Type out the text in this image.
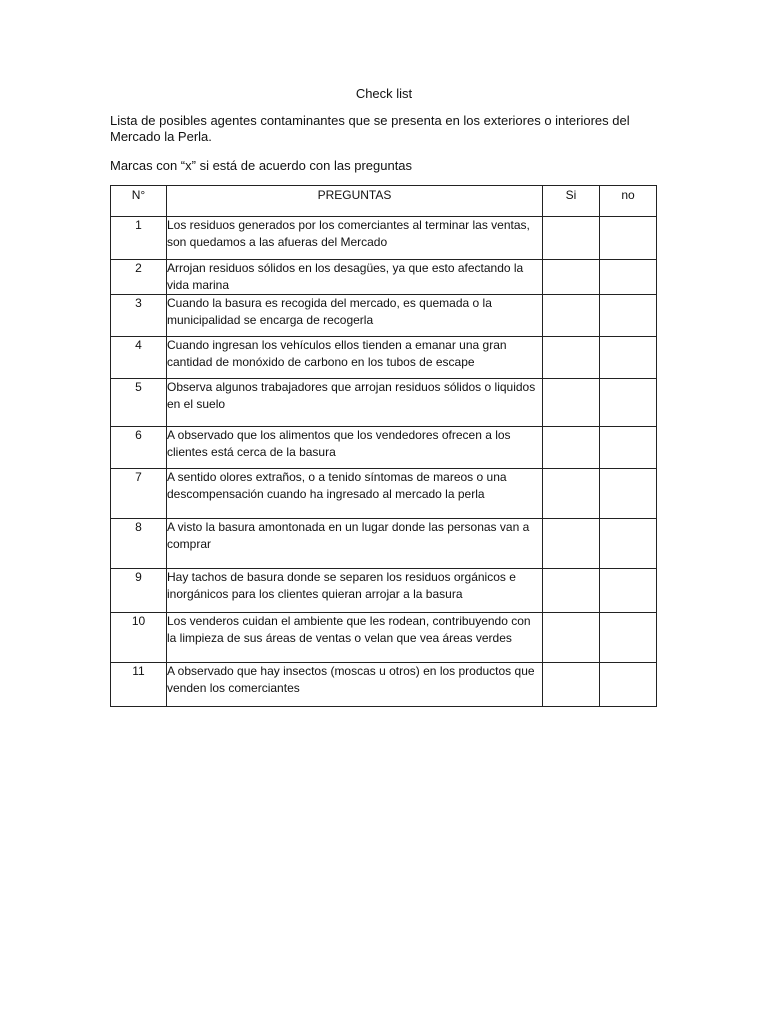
Check list
Lista de posibles agentes contaminantes que se presenta en los exteriores o interiores del Mercado la Perla.
Marcas con “x” si está de acuerdo con las preguntas
N°	PREGUNTAS	Si	no
1	Los residuos generados por los comerciantes al terminar las ventas, son quedamos a las afueras del Mercado		
2	Arrojan residuos sólidos en los desagües, ya que esto afectando la vida marina		
3	Cuando la basura es recogida del mercado, es quemada o la municipalidad se encarga de recogerla		
4	Cuando ingresan los vehículos ellos tienden a emanar una gran cantidad de monóxido de carbono en los tubos de escape		
5	Observa algunos trabajadores que arrojan residuos sólidos o liquidos en el suelo		
6	A observado que los alimentos que los vendedores ofrecen a los clientes está cerca de la basura		
7	A sentido olores extraños, o a tenido síntomas de mareos o una descompensación cuando ha ingresado al mercado la perla		
8	A visto la basura amontonada en un lugar donde las personas van a comprar		
9	Hay tachos de basura donde se separen los residuos orgánicos e inorgánicos para los clientes quieran arrojar a la basura		
10	Los venderos cuidan el ambiente que les rodean, contribuyendo con la limpieza de sus áreas de ventas o velan que vea áreas verdes		
11	A observado que hay insectos (moscas u otros) en los productos que venden los comerciantes		
